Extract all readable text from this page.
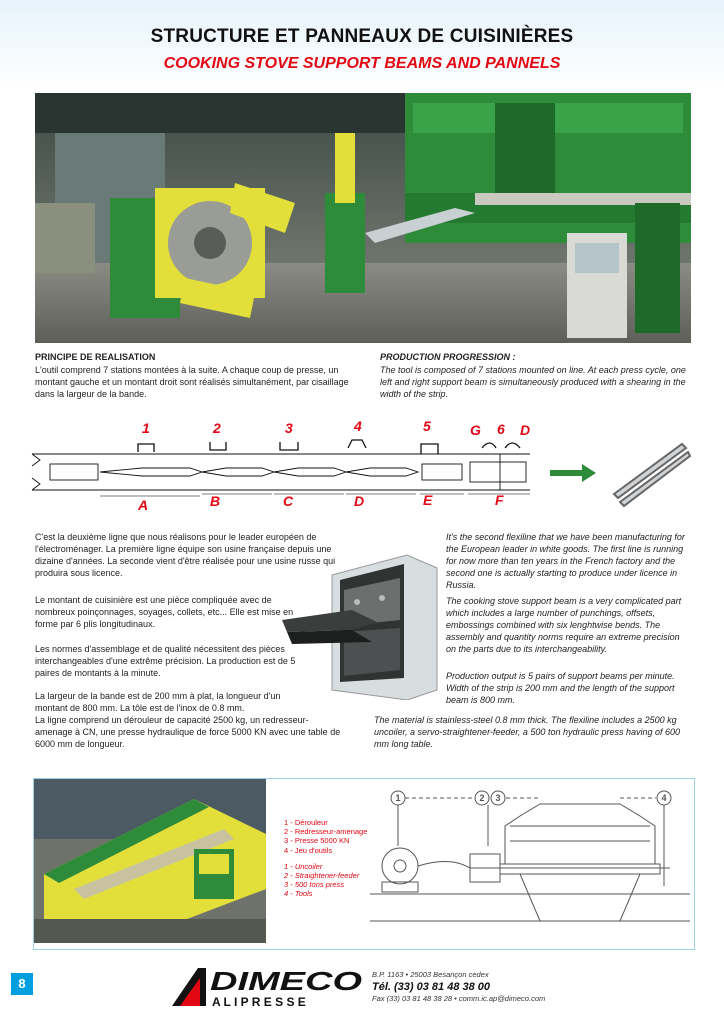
STRUCTURE ET PANNEAUX DE CUISINIÈRES
COOKING STOVE SUPPORT BEAMS AND PANNELS
PRINCIPE DE REALISATION

L'outil comprend 7 stations montées à la suite. A chaque coup de presse, un montant gauche et un montant droit sont réalisés simultanément, par cisaillage dans la largeur de la bande.

PRODUCTION PROGRESSION :

The tool is composed of 7 stations mounted on line. At each press cycle, one left and right support beam is simultaneously produced with a shearing in the width of the strip.

1	2	3	4	5	G 6 D
A	B	C	D	E	F

C'est la deuxième ligne que nous réalisons pour le leader européen de l'électroménager. La première ligne équipe son usine française depuis une dizaine d'années. La seconde vient d'être réalisée pour une usine russe qui produira sous licence.

Le montant de cuisinière est une pièce compliquée avec de nombreux poinçonnages, soyages, collets, etc... Elle est mise en forme par 6 plis longitudinaux.

Les normes d'assemblage et de qualité nécessitent des pièces interchangeables d'une extrême précision. La production est de 5 paires de montants à la minute.

La largeur de la bande est de 200 mm à plat, la longueur d'un montant de 800 mm. La tôle est de l'inox de 0.8 mm.

La ligne comprend un dérouleur de capacité 2500 kg, un redresseur-amenage à CN, une presse hydraulique de force 5000 KN avec une table de 6000 mm de longueur.

It's the second flexiline that we have been manufacturing for the European leader in white goods. The first line is running for now more than ten years in the French factory and the second one is actually starting to produce under licence in Russia.

The cooking stove support beam is a very complicated part which includes a large number of punchings, offsets, embossings combined with six lenghtwise bends. The assembly and quantity norms require an extreme precision on the parts due to its interchangeability.

Production output is 5 pairs of support beams per minute. Width of the strip is 200 mm and the length of the support beam is 800 mm.

The material is stainless-steel 0.8 mm thick. The flexiline includes a 2500 kg uncoiler, a servo-straightener-feeder, a 500 ton hydraulic press having of 600 mm long table.

1 - Dérouleur
2 - Redresseur-amenage
3 - Presse 5000 KN
4 - Jeu d'outils
1 - Uncoiler
2 - Straightener-feeder
3 - 500 tons press
4 - Tools
1	2 3	4
8	DIMECO
A L I P R E S S E
B.P. 1163 • 25003 Besançon cedex
Tél. (33) 03 81 48 38 00
Fax (33) 03 81 48 38 28 • comm.ic.ap@dimeco.com
